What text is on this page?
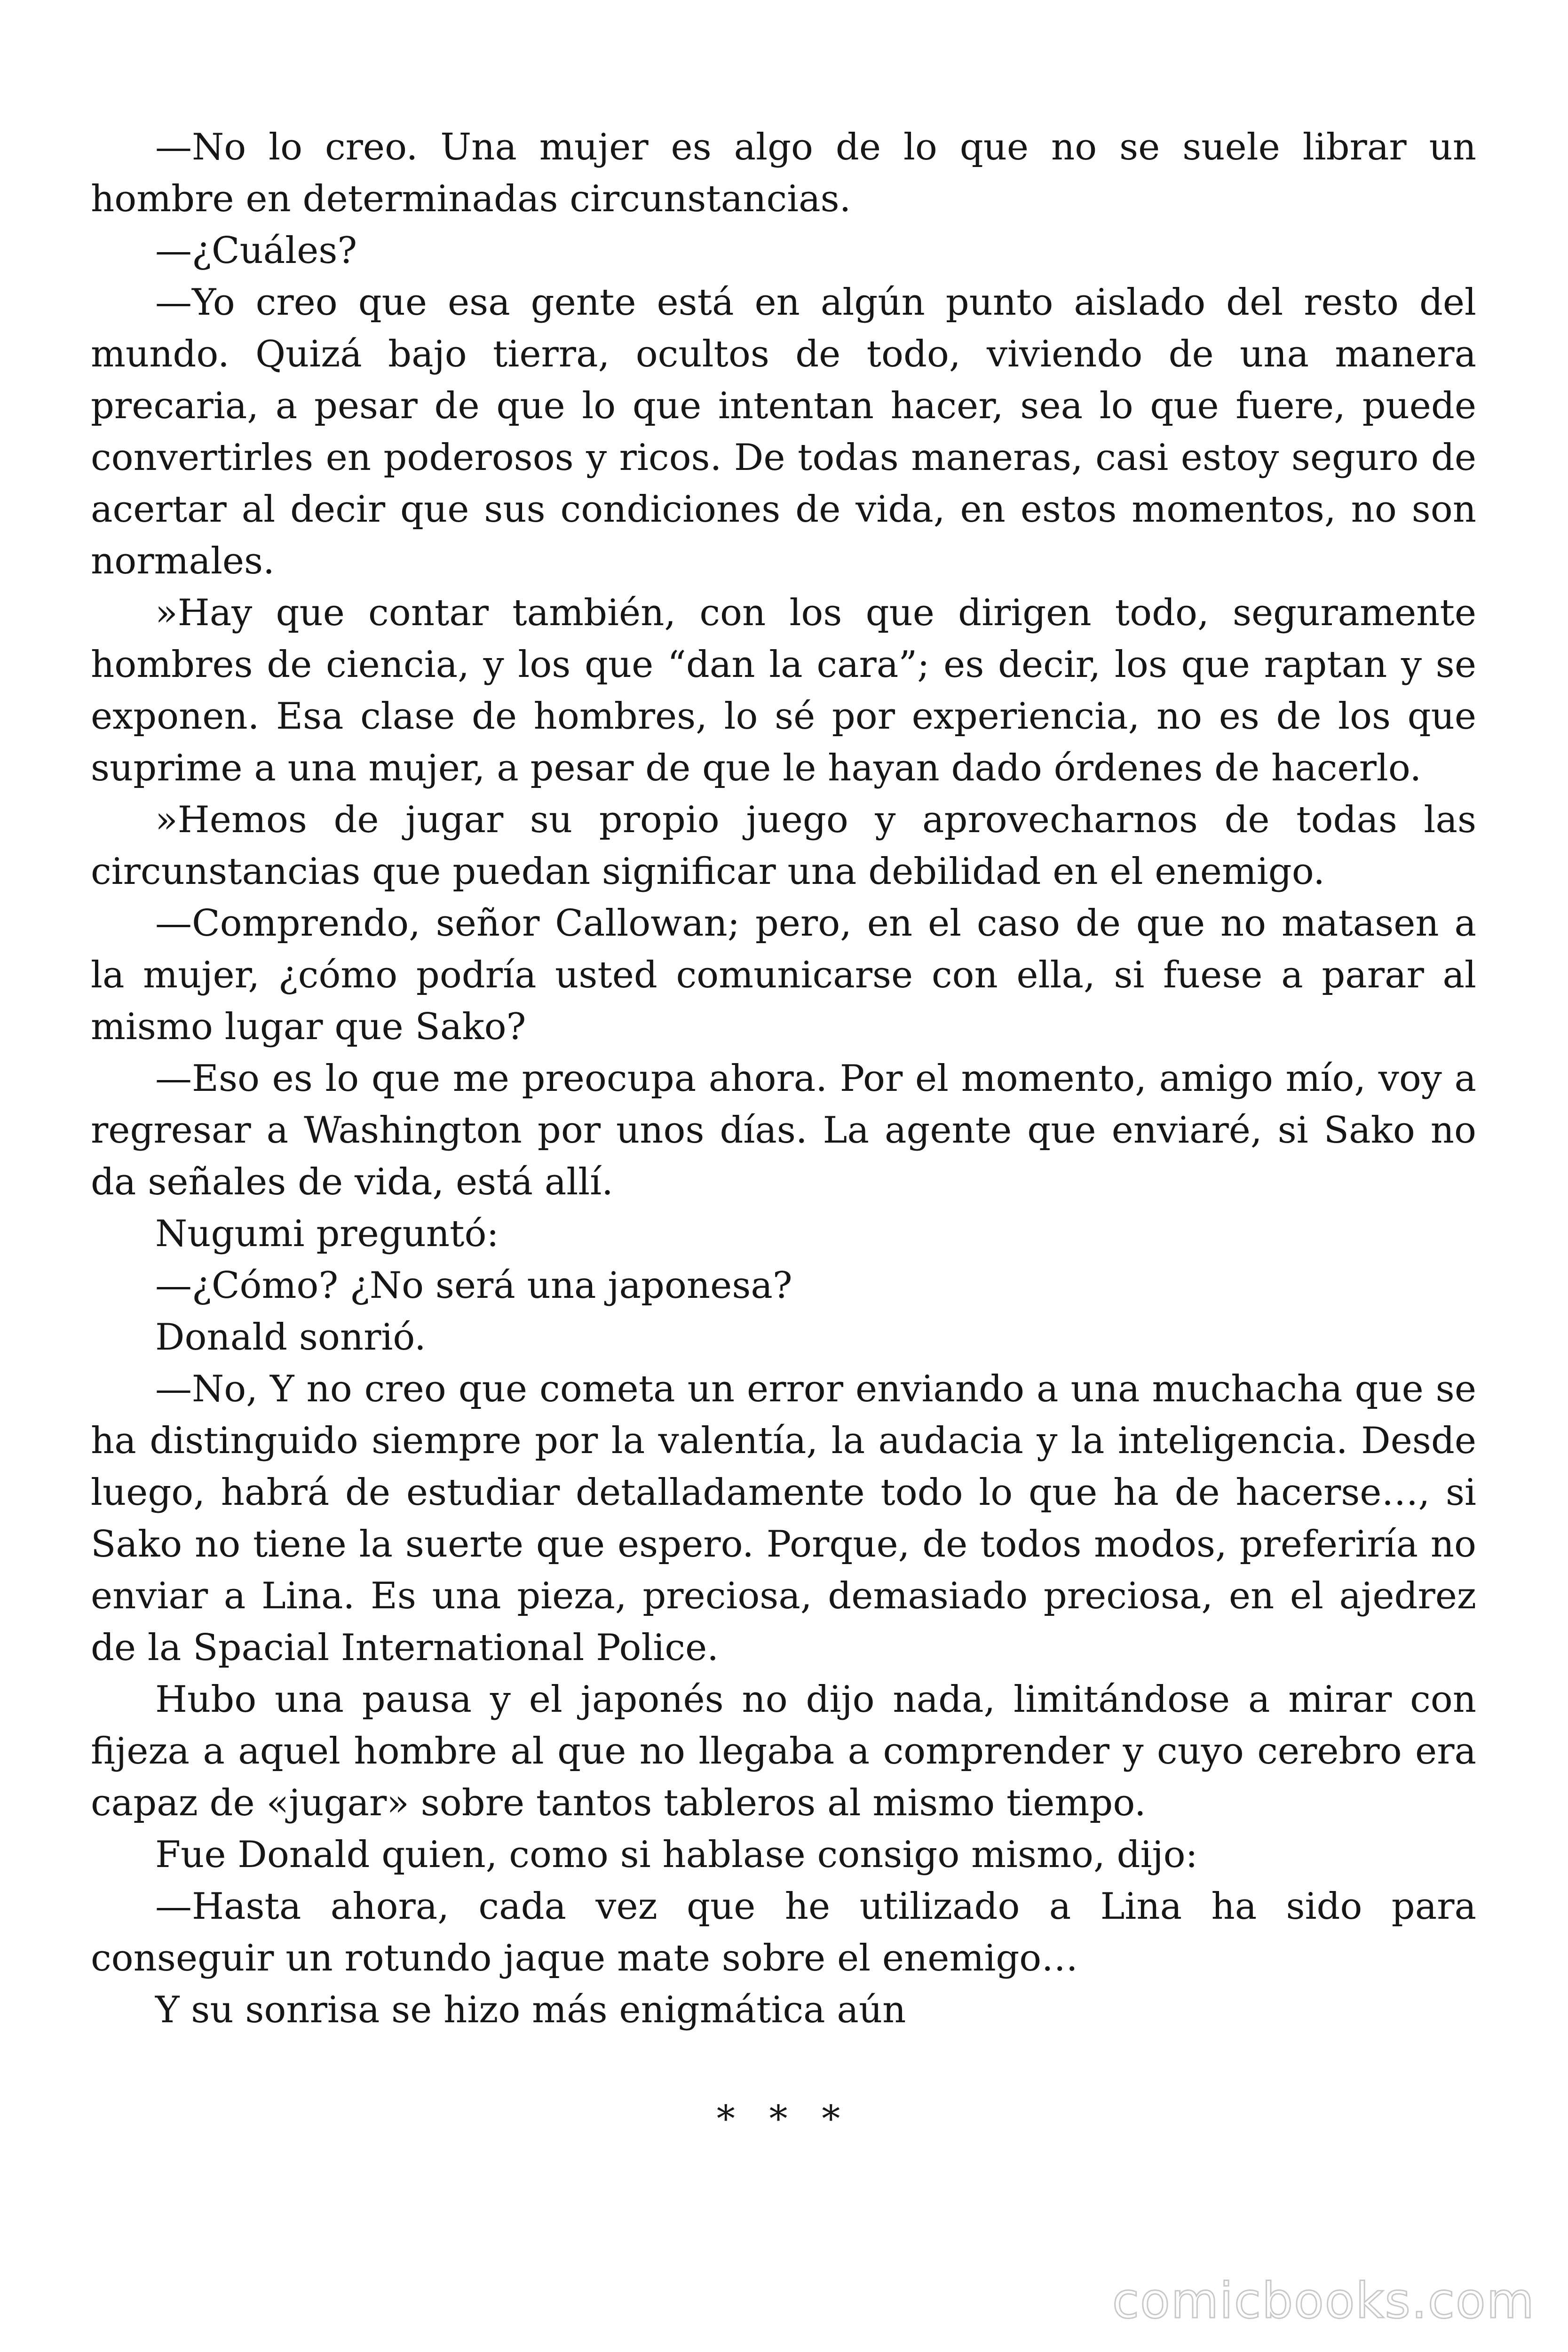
—No lo creo. Una mujer es algo de lo que no se suele librar un hombre en determinadas circunstancias.

—¿Cuáles?

—Yo creo que esa gente está en algún punto aislado del resto del mundo. Quizá bajo tierra, ocultos de todo, viviendo de una manera precaria, a pesar de que lo que intentan hacer, sea lo que fuere, puede convertirles en poderosos y ricos. De todas maneras, casi estoy seguro de acertar al decir que sus condiciones de vida, en estos momentos, no son normales.

»Hay que contar también, con los que dirigen todo, seguramente hombres de ciencia, y los que “dan la cara”; es decir, los que raptan y se exponen. Esa clase de hombres, lo sé por experiencia, no es de los que suprime a una mujer, a pesar de que le hayan dado órdenes de hacerlo.

»Hemos de jugar su propio juego y aprovecharnos de todas las circunstancias que puedan significar una debilidad en el enemigo.

—Comprendo, señor Callowan; pero, en el caso de que no matasen a la mujer, ¿cómo podría usted comunicarse con ella, si fuese a parar al mismo lugar que Sako?

—Eso es lo que me preocupa ahora. Por el momento, amigo mío, voy a regresar a Washington por unos días. La agente que enviaré, si Sako no da señales de vida, está allí.

Nugumi preguntó:

—¿Cómo? ¿No será una japonesa?

Donald sonrió.

—No, Y no creo que cometa un error enviando a una muchacha que se ha distinguido siempre por la valentía, la audacia y la inteligencia. Desde luego, habrá de estudiar detalladamente todo lo que ha de hacerse…, si Sako no tiene la suerte que espero. Porque, de todos modos, preferiría no enviar a Lina. Es una pieza, preciosa, demasiado preciosa, en el ajedrez de la Spacial International Police.

Hubo una pausa y el japonés no dijo nada, limitándose a mirar con fijeza a aquel hombre al que no llegaba a comprender y cuyo cerebro era capaz de «jugar» sobre tantos tableros al mismo tiempo.

Fue Donald quien, como si hablase consigo mismo, dijo:

—Hasta ahora, cada vez que he utilizado a Lina ha sido para conseguir un rotundo jaque mate sobre el enemigo…

Y su sonrisa se hizo más enigmática aún

* * *
comicbooks.com
